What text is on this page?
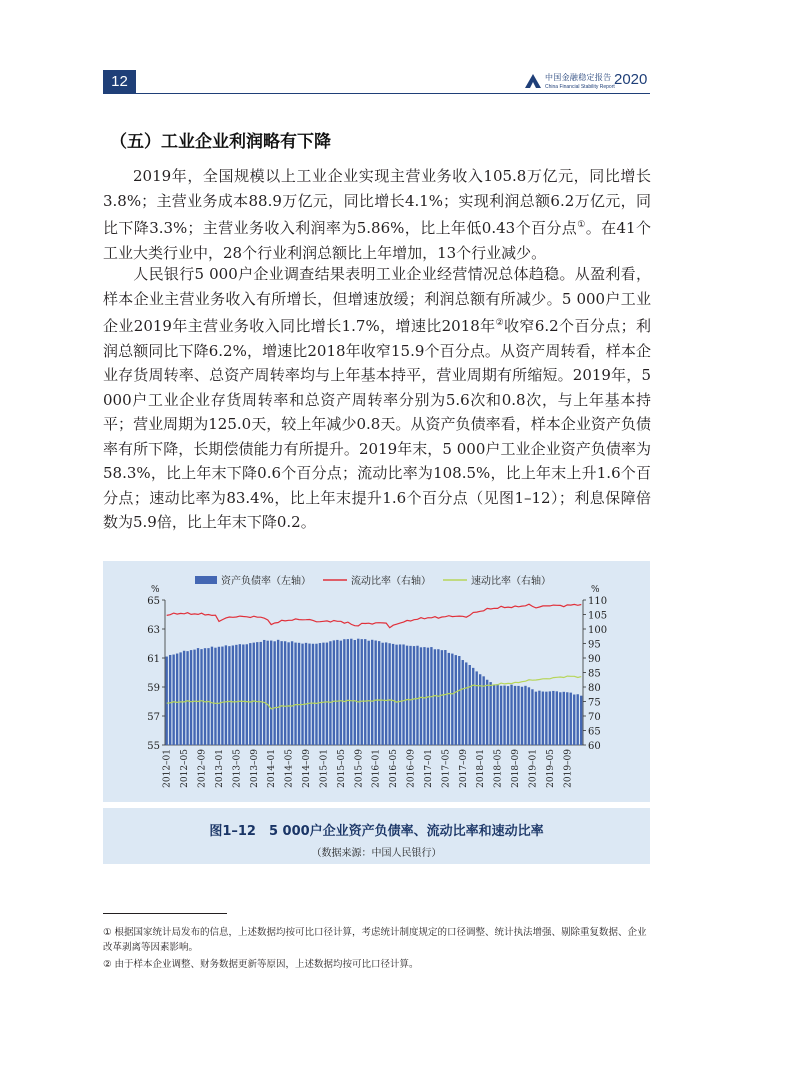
12	中国金融稳定报告
China Financial Stability Report 2020
（五）工业企业利润略有下降

2019年，全国规模以上工业企业实现主营业务收入105.8万亿元，同比增长3.8%；主营业务成本88.9万亿元，同比增长4.1%；实现利润总额6.2万亿元，同比下降3.3%；主营业务收入利润率为5.86%，比上年低0.43个百分点①。在41个工业大类行业中，28个行业利润总额比上年增加，13个行业减少。

人民银行5 000户企业调查结果表明工业企业经营情况总体趋稳。从盈利看，样本企业主营业务收入有所增长，但增速放缓；利润总额有所减少。5 000户工业企业2019年主营业务收入同比增长1.7%，增速比2018年②收窄6.2个百分点；利润总额同比下降6.2%，增速比2018年收窄15.9个百分点。从资产周转看，样本企业存货周转率、总资产周转率均与上年基本持平，营业周期有所缩短。2019年，5 000户工业企业存货周转率和总资产周转率分别为5.6次和0.8次，与上年基本持平；营业周期为125.0天，较上年减少0.8天。从资产负债率看，样本企业资产负债率有所下降，长期偿债能力有所提升。2019年末，5 000户工业企业资产负债率为58.3%，比上年末下降0.6个百分点；流动比率为108.5%，比上年末上升1.6个百分点；速动比率为83.4%，比上年末提升1.6个百分点（见图1–12）；利息保障倍数为5.9倍，比上年末下降0.2。

资产负债率（左轴）	流动比率（右轴）	速动比率（右轴）
%	%
55
57
59
61
63
65
60
65
70
75
80
85
90
95
100
105
110
2012–01 2012–05 2012–09 2013–01 2013–05 2013–09 2014–01 2014–05 2014–09 2015–01 2015–05 2015–09 2016–01 2016–05 2016–09 2017–01 2017–05 2017–09 2018–01 2018–05 2018–09 2019–01 2019–05 2019–09
图1–12　5 000户企业资产负债率、流动比率和速动比率
（数据来源：中国人民银行）

① 根据国家统计局发布的信息，上述数据均按可比口径计算，考虑统计制度规定的口径调整、统计执法增强、剔除重复数据、企业改革剥离等因素影响。

② 由于样本企业调整、财务数据更新等原因，上述数据均按可比口径计算。
